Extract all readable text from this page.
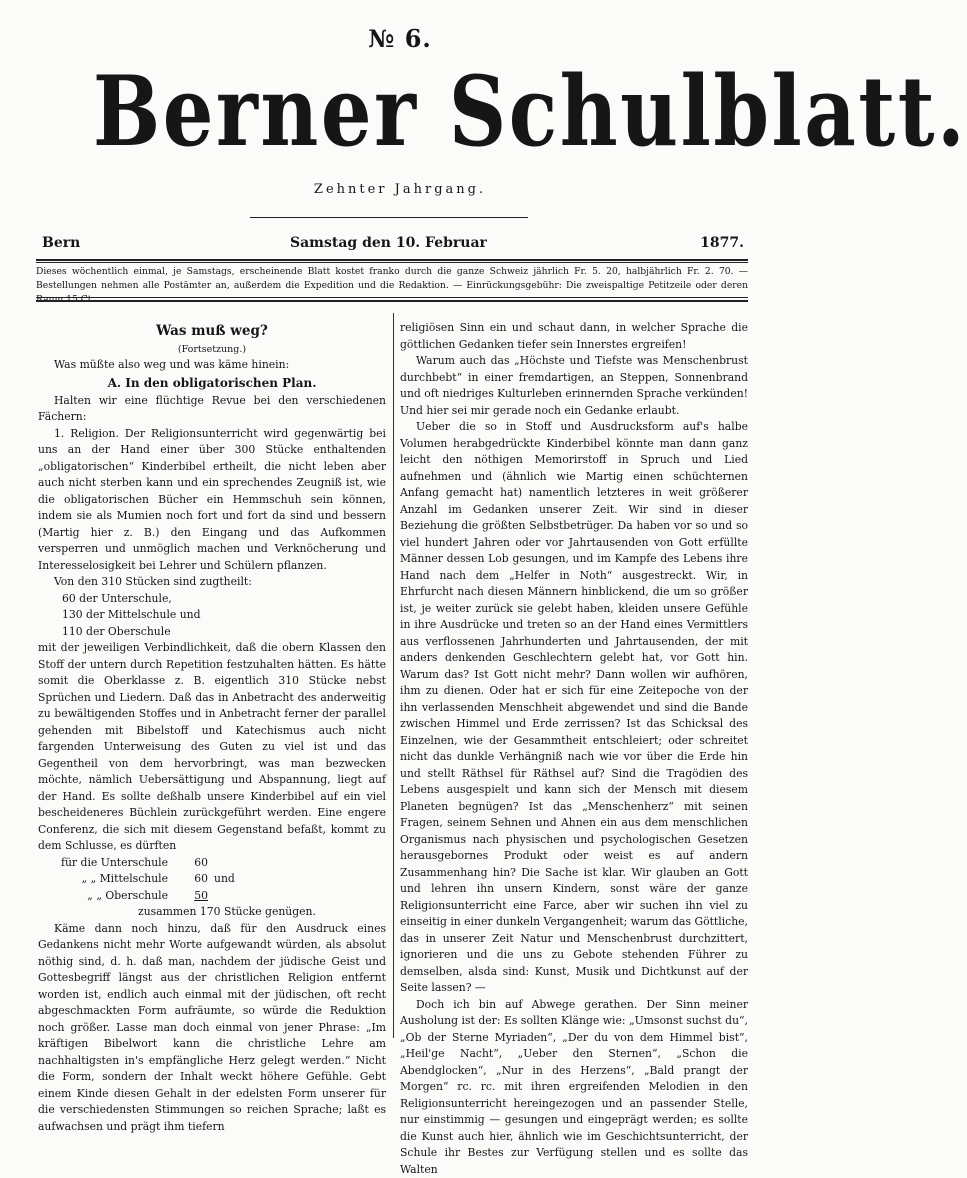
№ 6.
Berner Schulblatt.
Zehnter Jahrgang.
Bern	Samstag den 10. Februar	1877.
Dieses wöchentlich einmal, je Samstags, erscheinende Blatt kostet franko durch die ganze Schweiz jährlich Fr. 5. 20, halbjährlich Fr. 2. 70. — Bestellungen nehmen alle Postämter an, außerdem die Expedition und die Redaktion. — Einrückungsgebühr: Die zweispaltige Petitzeile oder deren Raum 15 Ct.

Was muß weg?

(Fortsetzung.)

Was müßte also weg und was käme hinein:

A. In den obligatorischen Plan.

Halten wir eine flüchtige Revue bei den verschiedenen Fächern:

1. Religion. Der Religionsunterricht wird gegenwärtig bei uns an der Hand einer über 300 Stücke enthaltenden „obligatorischen“ Kinderbibel ertheilt, die nicht leben aber auch nicht sterben kann und ein sprechendes Zeugniß ist, wie die obligatorischen Bücher ein Hemmschuh sein können, indem sie als Mumien noch fort und fort da sind und bessern (Martig hier z. B.) den Eingang und das Aufkommen versperren und unmöglich machen und Verknöcherung und Interesselosigkeit bei Lehrer und Schülern pflanzen.

Von den 310 Stücken sind zugtheilt:

60 der Unterschule,

130 der Mittelschule und

110 der Oberschule

mit der jeweiligen Verbindlichkeit, daß die obern Klassen den Stoff der untern durch Repetition festzuhalten hätten. Es hätte somit die Oberklasse z. B. eigentlich 310 Stücke nebst Sprüchen und Liedern. Daß das in Anbetracht des anderweitig zu bewältigenden Stoffes und in Anbetracht ferner der parallel gehenden mit Bibelstoff und Katechismus auch nicht fargenden Unterweisung des Guten zu viel ist und das Gegentheil von dem hervorbringt, was man bezwecken möchte, nämlich Uebersättigung und Abspannung, liegt auf der Hand. Es sollte deßhalb unsere Kinderbibel auf ein viel bescheideneres Büchlein zurückgeführt werden. Eine engere Conferenz, die sich mit diesem Gegenstand befaßt, kommt zu dem Schlusse, es dürften

für die Unterschule	60
„ „ Mittelschule	60 und
„ „ Oberschule	50

zusammen 170 Stücke genügen.

Käme dann noch hinzu, daß für den Ausdruck eines Gedankens nicht mehr Worte aufgewandt würden, als absolut nöthig sind, d. h. daß man, nachdem der jüdische Geist und Gottesbegriff längst aus der christlichen Religion entfernt worden ist, endlich auch einmal mit der jüdischen, oft recht abgeschmackten Form aufräumte, so würde die Reduktion noch größer. Lasse man doch einmal von jener Phrase: „Im kräftigen Bibelwort kann die christliche Lehre am nachhaltigsten in's empfängliche Herz gelegt werden.“ Nicht die Form, sondern der Inhalt weckt höhere Gefühle. Gebt einem Kinde diesen Gehalt in der edelsten Form unserer für die verschiedensten Stimmungen so reichen Sprache; laßt es aufwachsen und prägt ihm tiefern

religiösen Sinn ein und schaut dann, in welcher Sprache die göttlichen Gedanken tiefer sein Innerstes ergreifen!

Warum auch das „Höchste und Tiefste was Menschenbrust durchbebt“ in einer fremdartigen, an Steppen, Sonnenbrand und oft niedriges Kulturleben erinnernden Sprache verkünden! Und hier sei mir gerade noch ein Gedanke erlaubt.

Ueber die so in Stoff und Ausdrucksform auf's halbe Volumen herabgedrückte Kinderbibel könnte man dann ganz leicht den nöthigen Memorirstoff in Spruch und Lied aufnehmen und (ähnlich wie Martig einen schüchternen Anfang gemacht hat) namentlich letzteres in weit größerer Anzahl im Gedanken unserer Zeit. Wir sind in dieser Beziehung die größten Selbstbetrüger. Da haben vor so und so viel hundert Jahren oder vor Jahrtausenden von Gott erfüllte Männer dessen Lob gesungen, und im Kampfe des Lebens ihre Hand nach dem „Helfer in Noth“ ausgestreckt. Wir, in Ehrfurcht nach diesen Männern hinblickend, die um so größer ist, je weiter zurück sie gelebt haben, kleiden unsere Gefühle in ihre Ausdrücke und treten so an der Hand eines Vermittlers aus verflossenen Jahrhunderten und Jahrtausenden, der mit anders denkenden Geschlechtern gelebt hat, vor Gott hin. Warum das? Ist Gott nicht mehr? Dann wollen wir aufhören, ihm zu dienen. Oder hat er sich für eine Zeitepoche von der ihn verlassenden Menschheit abgewendet und sind die Bande zwischen Himmel und Erde zerrissen? Ist das Schicksal des Einzelnen, wie der Gesammtheit entschleiert; oder schreitet nicht das dunkle Verhängniß nach wie vor über die Erde hin und stellt Räthsel für Räthsel auf? Sind die Tragödien des Lebens ausgespielt und kann sich der Mensch mit diesem Planeten begnügen? Ist das „Menschenherz“ mit seinen Fragen, seinem Sehnen und Ahnen ein aus dem menschlichen Organismus nach physischen und psychologischen Gesetzen herausgebornes Produkt oder weist es auf andern Zusammenhang hin? Die Sache ist klar. Wir glauben an Gott und lehren ihn unsern Kindern, sonst wäre der ganze Religionsunterricht eine Farce, aber wir suchen ihn viel zu einseitig in einer dunkeln Vergangenheit; warum das Göttliche, das in unserer Zeit Natur und Menschenbrust durchzittert, ignorieren und die uns zu Gebote stehenden Führer zu demselben, alsda sind: Kunst, Musik und Dichtkunst auf der Seite lassen? —

Doch ich bin auf Abwege gerathen. Der Sinn meiner Ausholung ist der: Es sollten Klänge wie: „Umsonst suchst du“, „Ob der Sterne Myriaden“, „Der du von dem Himmel bist“, „Heil'ge Nacht“, „Ueber den Sternen“, „Schon die Abendglocken“, „Nur in des Herzens“, „Bald prangt der Morgen“ rc. rc. mit ihren ergreifenden Melodien in den Religionsunterricht hereingezogen und an passender Stelle, nur einstimmig — gesungen und eingeprägt werden; es sollte die Kunst auch hier, ähnlich wie im Geschichtsunterricht, der Schule ihr Bestes zur Verfügung stellen und es sollte das Walten
